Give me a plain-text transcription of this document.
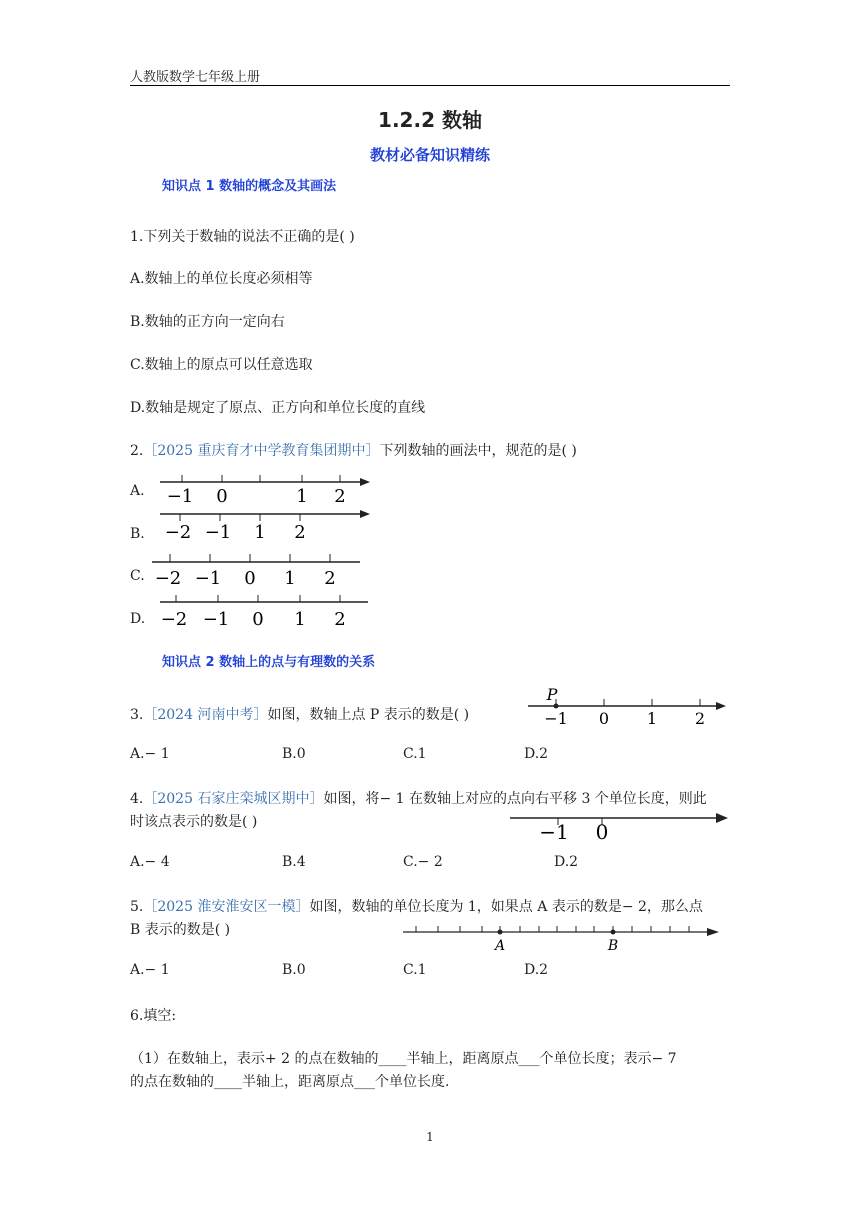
人教版数学七年级上册
1.2.2 数轴
教材必备知识精练
知识点 1 数轴的概念及其画法
1.下列关于数轴的说法不正确的是( )
A.数轴上的单位长度必须相等
B.数轴的正方向一定向右
C.数轴上的原点可以任意选取
D.数轴是规定了原点、正方向和单位长度的直线
2.［2025 重庆育才中学教育集团期中］下列数轴的画法中，规范的是( )
A. −1 0	1 2
B. −2 −1 1 2
C. −2 −1 0 1 2
D. −2 −1 0 1 2
知识点 2 数轴上的点与有理数的关系
3.［2024 河南中考］如图，数轴上点 P 表示的数是( )
P
−1 0 1 2
A.− 1	B.0	C.1	D.2
4.［2025 石家庄栾城区期中］如图，将− 1 在数轴上对应的点向右平移 3 个单位长度，则此
时该点表示的数是( )	−1 0
A.− 4	B.4	C.− 2	D.2
5.［2025 淮安淮安区一模］如图，数轴的单位长度为 1，如果点 A 表示的数是− 2，那么点
B 表示的数是( )
A	B
A.− 1	B.0	C.1	D.2
6.填空:
（1）在数轴上，表示+ 2 的点在数轴的____半轴上，距离原点___个单位长度；表示− 7
的点在数轴的____半轴上，距离原点___个单位长度.
1
